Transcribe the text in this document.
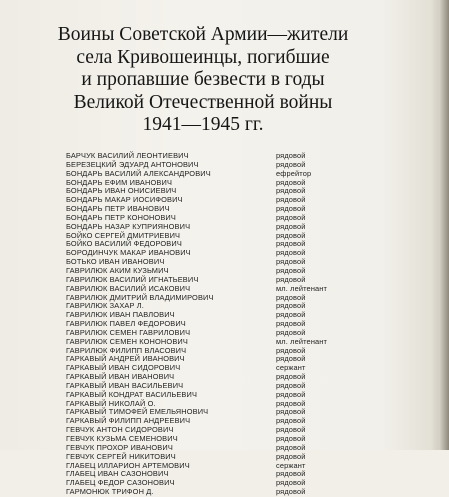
Воины Советской Армии—жители
села Кривошеинцы, погибшие
и пропавшие безвести в годы
Великой Отечественной войны
1941—1945 гг.
БАРЧУК ВАСИЛИЙ ЛЕОНТИЕВИЧ	рядовой
БЕРЕЗЕЦКИЙ ЭДУАРД АНТОНОВИЧ	рядовой
БОНДАРЬ ВАСИЛИЙ АЛЕКСАНДРОВИЧ	ефрейтор
БОНДАРЬ ЕФИМ ИВАНОВИЧ	рядовой
БОНДАРЬ ИВАН ОНИСИЕВИЧ	рядовой
БОНДАРЬ МАКАР ИОСИФОВИЧ	рядовой
БОНДАРЬ ПЕТР ИВАНОВИЧ	рядовой
БОНДАРЬ ПЕТР КОНОНОВИЧ	рядовой
БОНДАРЬ НАЗАР КУПРИЯНОВИЧ	рядовой
БОЙКО СЕРГЕЙ ДМИТРИЕВИЧ	рядовой
БОЙКО ВАСИЛИЙ ФЕДОРОВИЧ	рядовой
БОРОДИНЧУК МАКАР ИВАНОВИЧ	рядовой
БОТЬКО ИВАН ИВАНОВИЧ	рядовой
ГАВРИЛЮК АКИМ КУЗЬМИЧ	рядовой
ГАВРИЛЮК ВАСИЛИЙ ИГНАТЬЕВИЧ	рядовой
ГАВРИЛЮК ВАСИЛИЙ ИСАКОВИЧ	мл. лейтенант
ГАВРИЛЮК ДМИТРИЙ ВЛАДИМИРОВИЧ	рядовой
ГАВРИЛЮК ЗАХАР Л.	рядовой
ГАВРИЛЮК ИВАН ПАВЛОВИЧ	рядовой
ГАВРИЛЮК ПАВЕЛ ФЕДОРОВИЧ	рядовой
ГАВРИЛЮК СЕМЕН ГАВРИЛОВИЧ	рядовой
ГАВРИЛЮК СЕМЕН КОНОНОВИЧ	мл. лейтенант
ГАВРИЛЮК ФИЛИПП ВЛАСОВИЧ	рядовой
ГАРКАВЫЙ АНДРЕЙ ИВАНОВИЧ	рядовой
ГАРКАВЫЙ ИВАН СИДОРОВИЧ	сержант
ГАРКАВЫЙ ИВАН ИВАНОВИЧ	рядовой
ГАРКАВЫЙ ИВАН ВАСИЛЬЕВИЧ	рядовой
ГАРКАВЫЙ КОНДРАТ ВАСИЛЬЕВИЧ	рядовой
ГАРКАВЫЙ НИКОЛАЙ О.	рядовой
ГАРКАВЫЙ ТИМОФЕЙ ЕМЕЛЬЯНОВИЧ	рядовой
ГАРКАВЫЙ ФИЛИПП АНДРЕЕВИЧ	рядовой
ГЕВЧУК АНТОН СИДОРОВИЧ	рядовой
ГЕВЧУК КУЗЬМА СЕМЕНОВИЧ	рядовой
ГЕВЧУК ПРОХОР ИВАНОВИЧ	рядовой
ГЕВЧУК СЕРГЕЙ НИКИТОВИЧ	рядовой
ГЛАБЕЦ ИЛЛАРИОН АРТЕМОВИЧ	сержант
ГЛАБЕЦ ИВАН САЗОНОВИЧ	рядовой
ГЛАБЕЦ ФЕДОР САЗОНОВИЧ	рядовой
ГАРМОНЮК ТРИФОН Д.	рядовой
